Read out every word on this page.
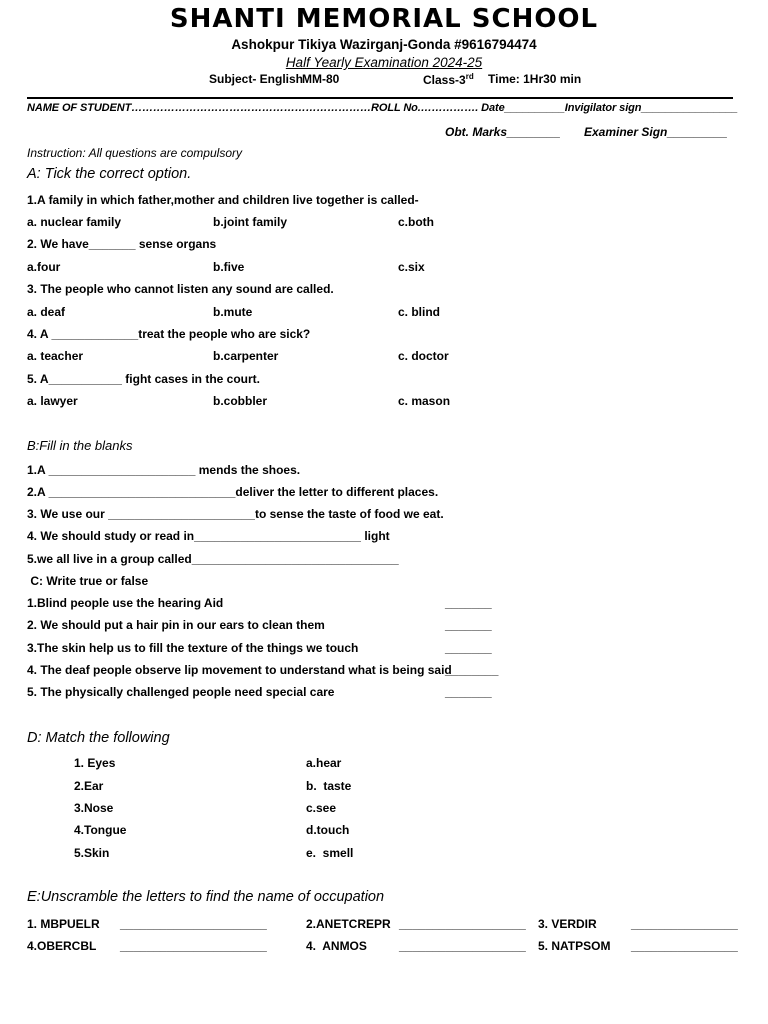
SHANTI MEMORIAL SCHOOL
Ashokpur Tikiya Wazirganj-Gonda #9616794474
Half Yearly Examination 2024-25
Subject- English
MM-80	Class-3rd Time: 1Hr30 min
NAME OF STUDENT…………………………………………………………ROLL No.……………. Date__________Invigilator sign________________
Obt. Marks________ Examiner Sign_________
Instruction: All questions are compulsory
A: Tick the correct option.
1.A family in which father,mother and children live together is called-
a. nuclear family	b.joint family	c.both
2. We have_______ sense organs
a.four	b.five	c.six
3. The people who cannot listen any sound are called.
a. deaf	b.mute	c. blind
4. A _____________treat the people who are sick?
a. teacher	b.carpenter	c. doctor
5. A___________ fight cases in the court.
a. lawyer	b.cobbler	c. mason
B:Fill in the blanks
1.A ______________________ mends the shoes.
2.A ____________________________deliver the letter to different places.
3. We use our ______________________to sense the taste of food we eat.
4. We should study or read in_________________________ light
5.we all live in a group called_______________________________
C: Write true or false
1.Blind people use the hearing Aid	_______
2. We should put a hair pin in our ears to clean them	_______
3.The skin help us to fill the texture of the things we touch	_______
4. The deaf people observe lip movement to understand what is being said
________
5. The physically challenged people need special care	_______
D: Match the following
1. Eyes	a.hear
2.Ear	b.  taste
3.Nose	c.see
4.Tongue	d.touch
5.Skin	e.  smell
E:Unscramble the letters to find the name of occupation
1. MBPUELR ______________________	2.ANETCREPR ___________________ 3. VERDIR	________________
4.OBERCBL ______________________	4.  ANMOS	___________________ 5. NATPSOM ________________
